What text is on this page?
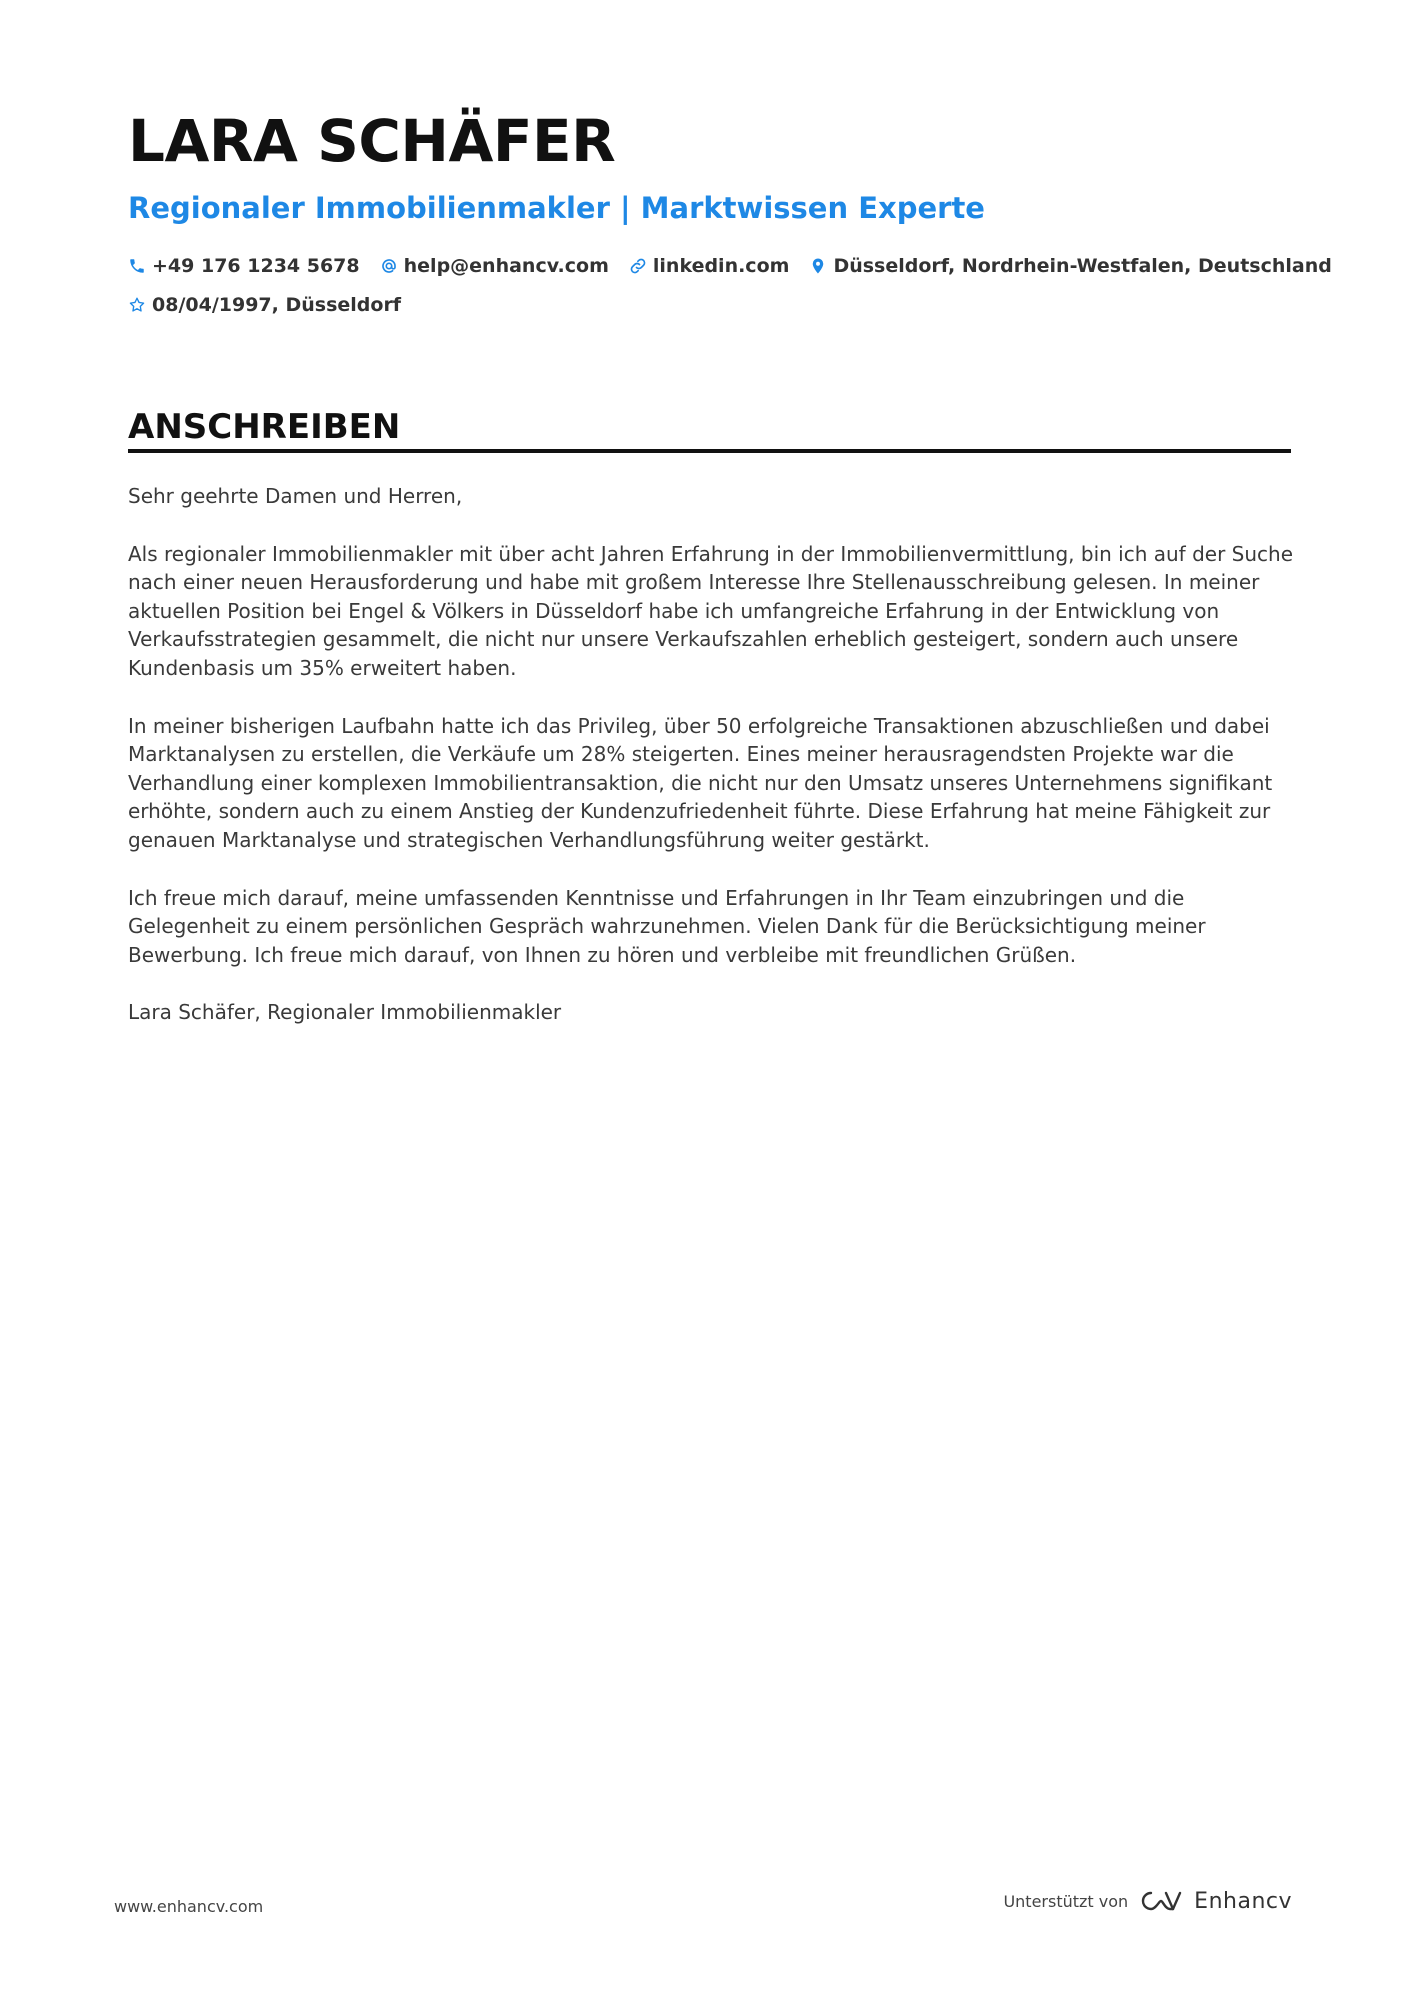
LARA SCHÄFER
Regionaler Immobilienmakler | Marktwissen Experte
+49 176 1234 5678 help@enhancv.com linkedin.com Düsseldorf, Nordrhein-Westfalen, Deutschland
08/04/1997, Düsseldorf
ANSCHREIBEN

Sehr geehrte Damen und Herren,

Als regionaler Immobilienmakler mit über acht Jahren Erfahrung in der Immobilienvermittlung, bin ich auf der Suche nach einer neuen Herausforderung und habe mit großem Interesse Ihre Stellenausschreibung gelesen. In meiner aktuellen Position bei Engel & Völkers in Düsseldorf habe ich umfangreiche Erfahrung in der Entwicklung von Verkaufsstrategien gesammelt, die nicht nur unsere Verkaufszahlen erheblich gesteigert, sondern auch unsere Kundenbasis um 35% erweitert haben.

In meiner bisherigen Laufbahn hatte ich das Privileg, über 50 erfolgreiche Transaktionen abzuschließen und dabei Marktanalysen zu erstellen, die Verkäufe um 28% steigerten. Eines meiner herausragendsten Projekte war die Verhandlung einer komplexen Immobilientransaktion, die nicht nur den Umsatz unseres Unternehmens signifikant erhöhte, sondern auch zu einem Anstieg der Kundenzufriedenheit führte. Diese Erfahrung hat meine Fähigkeit zur genauen Marktanalyse und strategischen Verhandlungsführung weiter gestärkt.

Ich freue mich darauf, meine umfassenden Kenntnisse und Erfahrungen in Ihr Team einzubringen und die Gelegenheit zu einem persönlichen Gespräch wahrzunehmen. Vielen Dank für die Berücksichtigung meiner Bewerbung. Ich freue mich darauf, von Ihnen zu hören und verbleibe mit freundlichen Grüßen.

Lara Schäfer, Regionaler Immobilienmakler

www.enhancv.com	Unterstützt von	Enhancv
